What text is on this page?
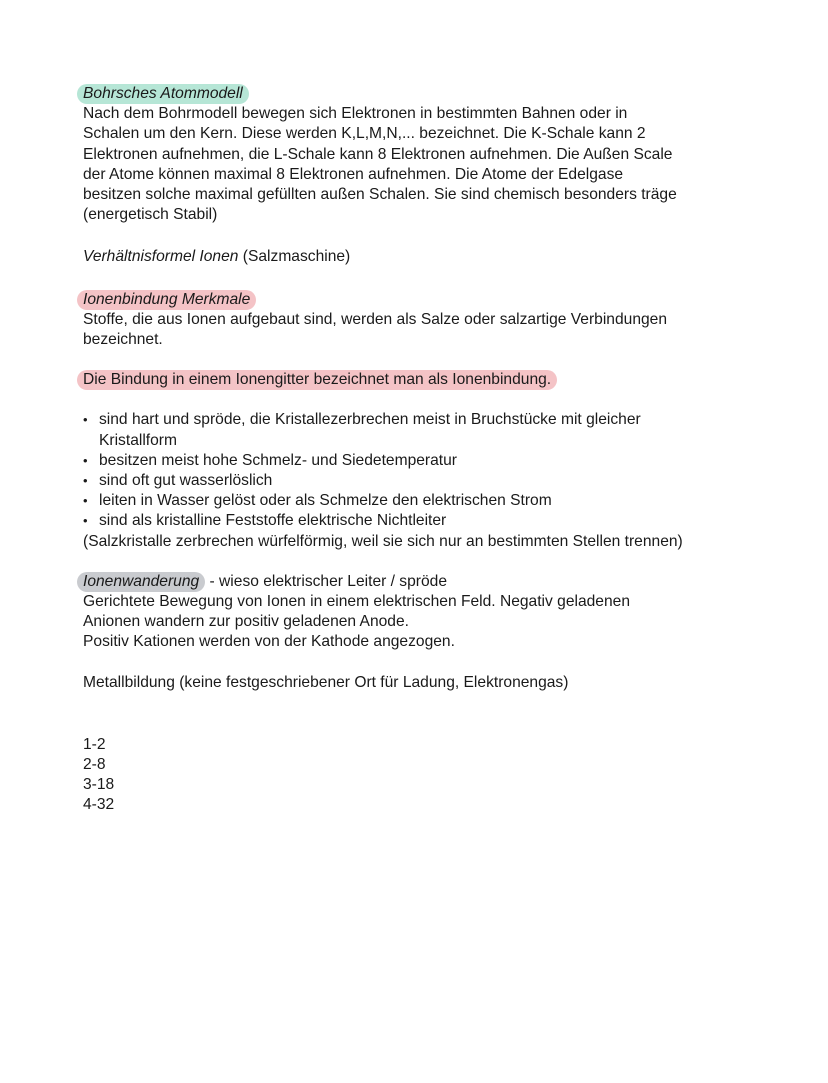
Bohrsches Atommodell

Nach dem Bohrmodell bewegen sich Elektronen in bestimmten Bahnen oder in

Schalen um den Kern. Diese werden K,L,M,N,... bezeichnet. Die K-Schale kann 2

Elektronen aufnehmen, die L-Schale kann 8 Elektronen aufnehmen. Die Außen Scale

der Atome können maximal 8 Elektronen aufnehmen. Die Atome der Edelgase

besitzen solche maximal gefüllten außen Schalen. Sie sind chemisch besonders träge

(energetisch Stabil)

Verhältnisformel Ionen (Salzmaschine)

Ionenbindung Merkmale

Stoffe, die aus Ionen aufgebaut sind, werden als Salze oder salzartige Verbindungen

bezeichnet.

Die Bindung in einem Ionengitter bezeichnet man als Ionenbindung.

• sind hart und spröde, die Kristallezerbrechen meist in Bruchstücke mit gleicher
Kristallform
• besitzen meist hohe Schmelz- und Siedetemperatur
• sind oft gut wasserlöslich
• leiten in Wasser gelöst oder als Schmelze den elektrischen Strom
• sind als kristalline Feststoffe elektrische Nichtleiter

(Salzkristalle zerbrechen würfelförmig, weil sie sich nur an bestimmten Stellen trennen)

Ionenwanderung - wieso elektrischer Leiter / spröde

Gerichtete Bewegung von Ionen in einem elektrischen Feld. Negativ geladenen

Anionen wandern zur positiv geladenen Anode.

Positiv Kationen werden von der Kathode angezogen.

Metallbildung (keine festgeschriebener Ort für Ladung, Elektronengas)

1-2

2-8

3-18

4-32
